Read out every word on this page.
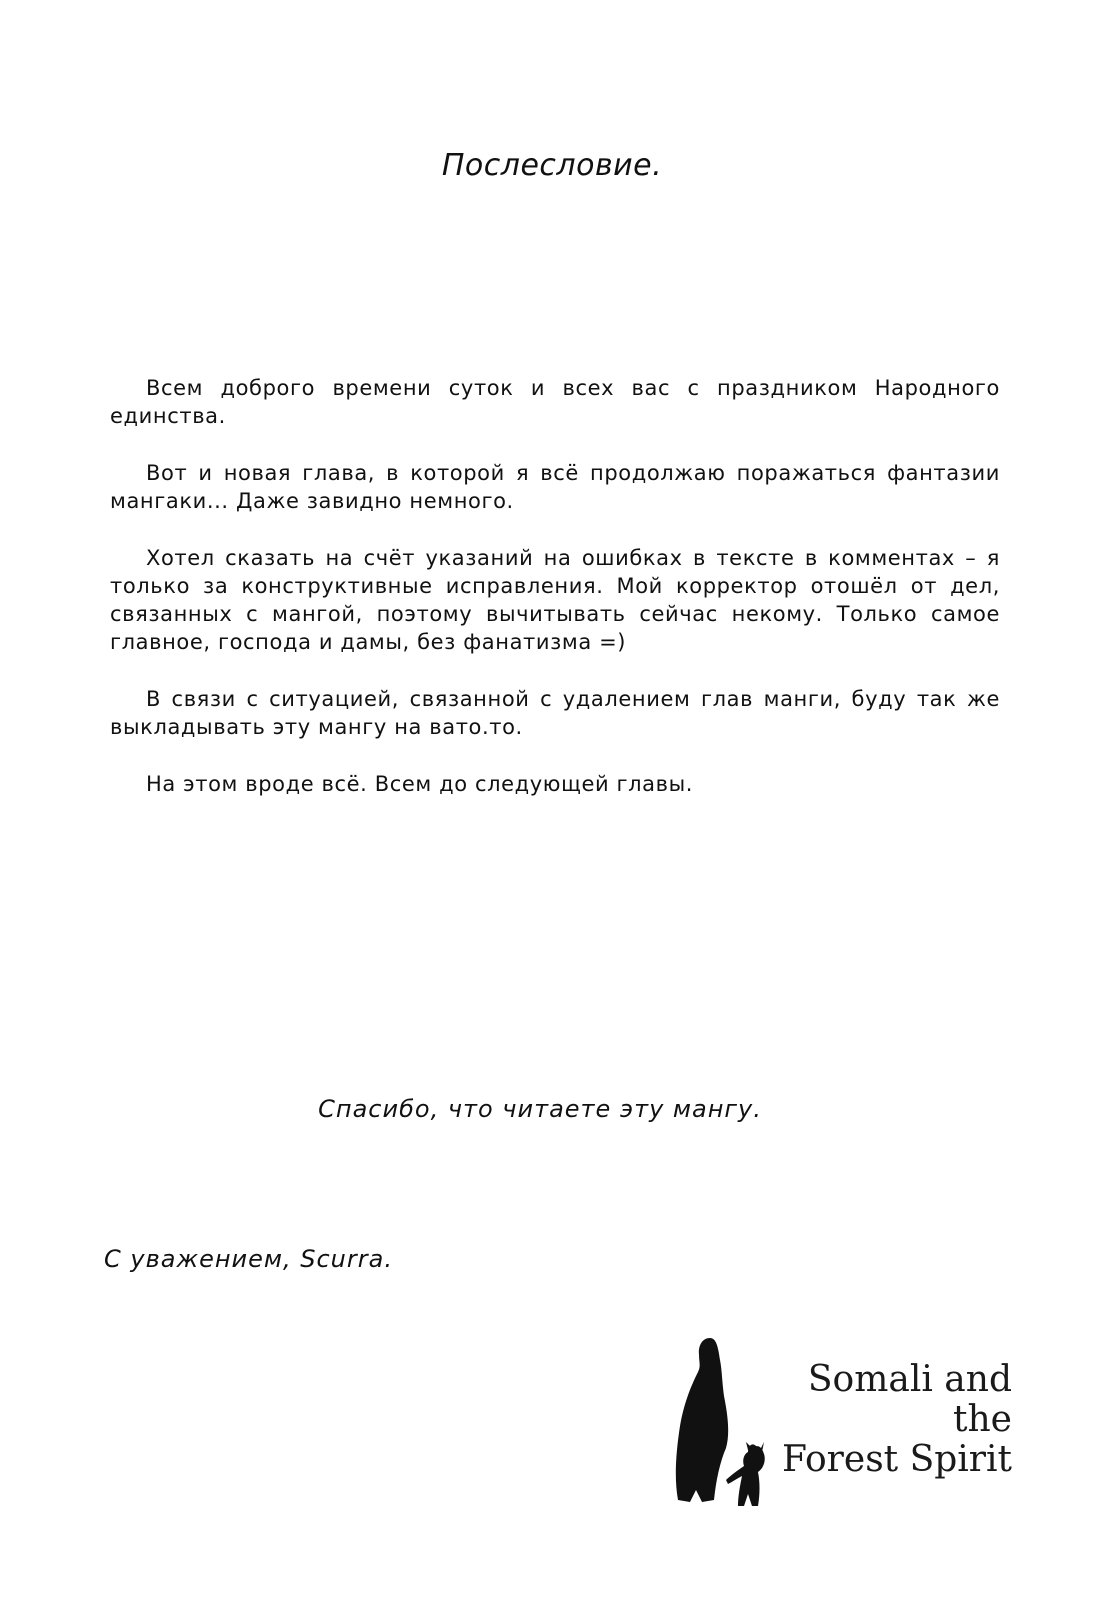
Послесловие.

Всем доброго времени суток и всех вас с праздником Народного единства.

Вот и новая глава, в которой я всё продолжаю поражаться фантазии мангаки... Даже завидно немного.

Хотел сказать на счёт указаний на ошибках в тексте в комментах – я только за конструктивные исправления. Мой корректор отошёл от дел, связанных с мангой, поэтому вычитывать сейчас некому. Только самое главное, господа и дамы, без фанатизма =)

В связи с ситуацией, связанной с удалением глав манги, буду так же выкладывать эту мангу на вато.то.

На этом вроде всё. Всем до следующей главы.

Спасибо, что читаете эту мангу.
С уважением, Scurra.
Somali and the
Forest Spirit
